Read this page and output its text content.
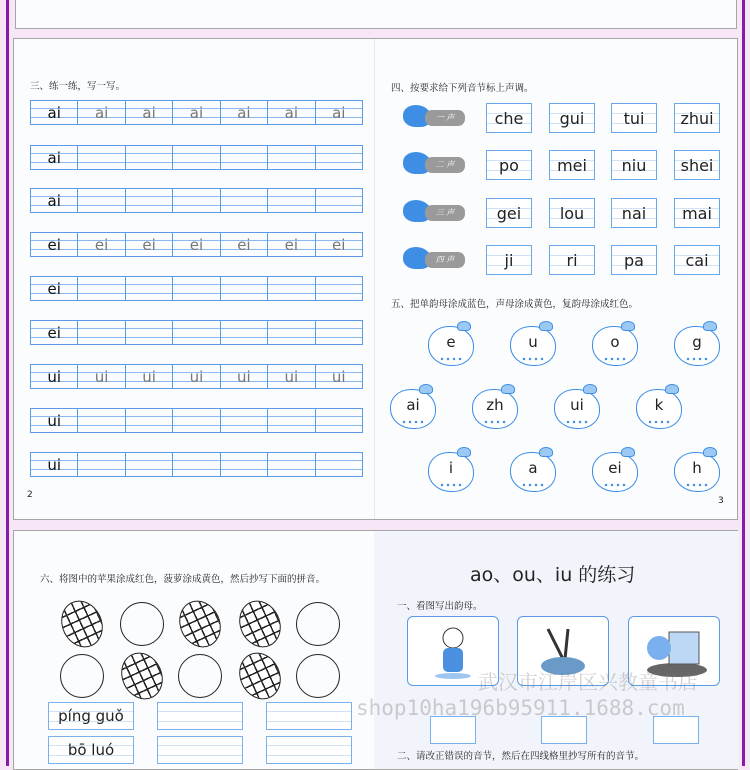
三、练一练，写一写。
ai	ai	ai	ai	ai	ai	ai
ai
ai
ei	ei	ei	ei	ei	ei	ei
ei
ei
ui	ui	ui	ui	ui	ui	ui
ui
ui
2
四、按要求给下列音节标上声调。
一 声	che	gui	tui	zhui
二 声	po	mei	niu	shei
三 声	gei	lou	nai	mai
四 声	ji	ri	pa	cai
五、把单韵母涂成蓝色，声母涂成黄色，复韵母涂成红色。
e	u	o	g
ai	zh	ui	k
i	a	ei	h
3
六、将图中的苹果涂成红色，菠萝涂成黄色，然后抄写下面的拼音。
píng guǒ
bō luó
ao、ou、iu 的练习
一、看图写出韵母。
二、请改正错误的音节，然后在四线格里抄写所有的音节。
武汉市江岸区兴教童书店
shop10ha196b95911.1688.com
